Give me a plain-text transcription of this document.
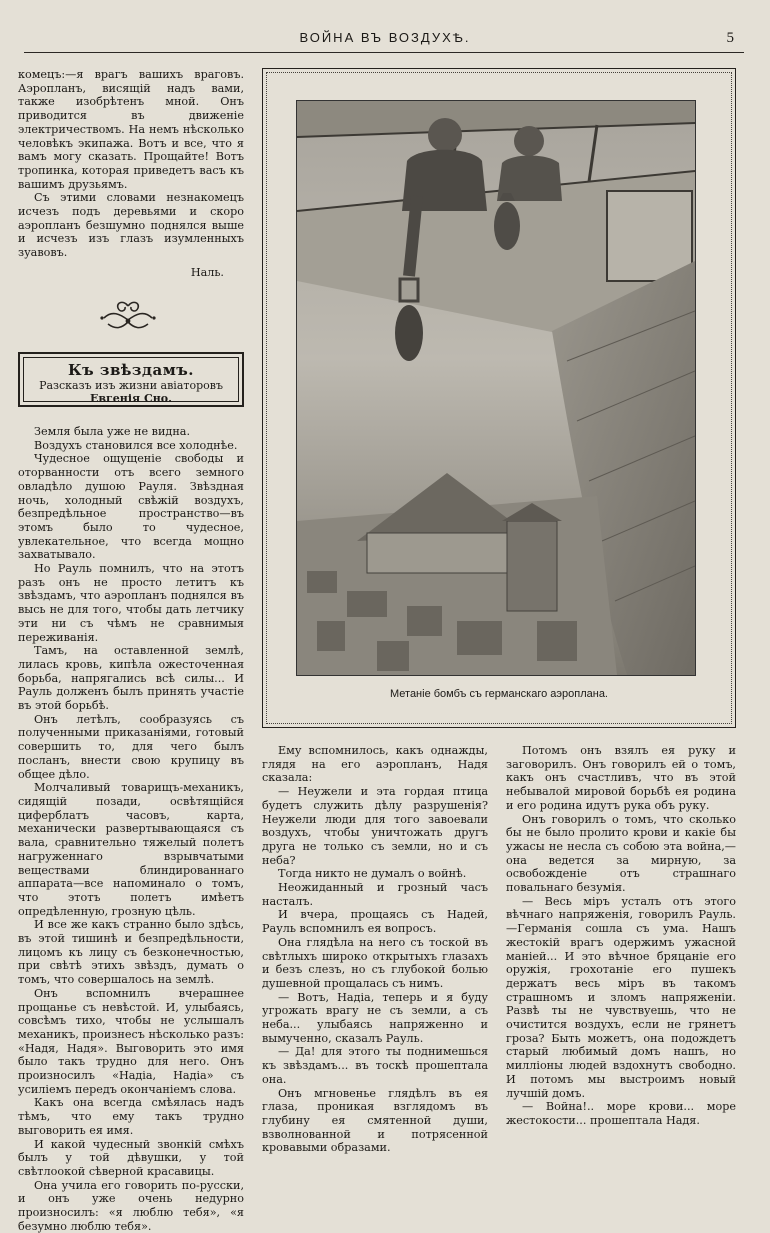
ВОЙНА ВЪ ВОЗДУХѢ.	5

комецъ:—я врагъ вашихъ враговъ. Аэропланъ, висящій надъ вами, также изобрѣтенъ мной. Онъ приводится въ движеніе электричествомъ. На немъ нѣсколько человѣкъ экипажа. Вотъ и все, что я вамъ могу сказать. Прощайте! Вотъ тропинка, которая приведетъ васъ къ вашимъ друзьямъ.

Съ этими словами незнакомецъ исчезъ подъ деревьями и скоро аэропланъ безшумно поднялся выше и исчезъ изъ глазъ изумленныхъ зуавовъ.

Наль.

Къ звѣздамъ.
Разсказъ изъ жизни авіаторовъ
Евгенія Сно.

Земля была уже не видна.

Воздухъ становился все холоднѣе.

Чудесное ощущеніе свободы и оторванности отъ всего земного овладѣло душою Рауля. Звѣздная ночь, холодный свѣжій воздухъ, безпредѣльное пространство—въ этомъ было то чудесное, увлекательное, что всегда мощно захватывало.

Но Рауль помнилъ, что на этотъ разъ онъ не просто летитъ къ звѣздамъ, что аэропланъ поднялся въ высь не для того, чтобы дать летчику эти ни съ чѣмъ не сравнимыя переживанія.

Тамъ, на оставленной землѣ, лилась кровь, кипѣла ожесточенная борьба, напрягались всѣ силы... И Рауль долженъ былъ принять участіе въ этой борьбѣ.

Онъ летѣлъ, сообразуясь съ полученными приказаніями, готовый совершить то, для чего былъ посланъ, внести свою крупицу въ общее дѣло.

Молчаливый товарищъ-механикъ, сидящій позади, освѣтящійся циферблатъ часовъ, карта, механически развертывающаяся съ вала, сравнительно тяжелый полетъ нагруженнаго взрывчатыми веществами блиндированнаго аппарата—все напоминало о томъ, что этотъ полетъ имѣетъ опредѣленную, грозную цѣль.

И все же какъ странно было здѣсь, въ этой тишинѣ и безпредѣльности, лицомъ къ лицу съ безконечностью, при свѣтѣ этихъ звѣздъ, думать о томъ, что совершалось на землѣ.

Онъ вспомнилъ вчерашнее прощанье съ невѣстой. И, улыбаясь, совсѣмъ тихо, чтобы не услышалъ механикъ, произнесъ нѣсколько разъ: «Надя, Надя». Выговорить это имя было такъ трудно для него. Онъ произносилъ «Надіа, Надіа» съ усиліемъ передъ окончаніемъ слова.

Какъ она всегда смѣялась надъ тѣмъ, что ему такъ трудно выговорить ея имя.

И какой чудесный звонкій смѣхъ былъ у той дѣвушки, у той свѣтлоокой сѣверной красавицы.

Она учила его говорить по-русски, и онъ уже очень недурно произносилъ: «я люблю тебя», «я безумно люблю тебя».

Метаніе бомбъ съ германскаго аэроплана.

Ему вспомнилось, какъ однажды, глядя на его аэропланъ, Надя сказала:

— Неужели и эта гордая птица будетъ служить дѣлу разрушенія? Неужели люди для того завоевали воздухъ, чтобы уничтожать другъ друга не только съ земли, но и съ неба?

Тогда никто не думалъ о войнѣ.

Неожиданный и грозный часъ насталъ.

И вчера, прощаясь съ Надей, Рауль вспомнилъ ея вопросъ.

Она глядѣла на него съ тоской въ свѣтлыхъ широко открытыхъ глазахъ и безъ слезъ, но съ глубокой болью душевной прощалась съ нимъ.

— Вотъ, Надіа, теперь и я буду угрожать врагу не съ земли, а съ неба... улыбаясь напряженно и вымученно, сказалъ Рауль.

— Да! для этого ты поднимешься къ звѣздамъ... въ тоскѣ прошептала она.

Онъ мгновенье глядѣлъ въ ея глаза, проникая взглядомъ въ глубину ея смятенной души, взволнованной и потрясенной кровавыми образами.

Потомъ онъ взялъ ея руку и заговорилъ. Онъ говорилъ ей о томъ, какъ онъ счастливъ, что въ этой небывалой мировой борьбѣ ея родина и его родина идутъ рука объ руку.

Онъ говорилъ о томъ, что сколько бы не было пролито крови и какіе бы ужасы не несла съ собою эта война,—она ведется за мирную, за освобожденіе отъ страшнаго повальнаго безумія.

— Весь міръ усталъ отъ этого вѣчнаго напряженія, говорилъ Рауль.—Германія сошла съ ума. Нашъ жестокій врагъ одержимъ ужасной маніей... И это вѣчное бряцаніе его оружія, грохотаніе его пушекъ держатъ весь міръ въ такомъ страшномъ и зломъ напряженіи. Развѣ ты не чувствуешь, что не очистится воздухъ, если не грянетъ гроза? Быть можетъ, она подождетъ старый любимый домъ нашъ, но милліоны людей вздохнутъ свободно. И потомъ мы выстроимъ новый лучшій домъ.

— Война!.. море крови... море жестокости... прошептала Надя.
